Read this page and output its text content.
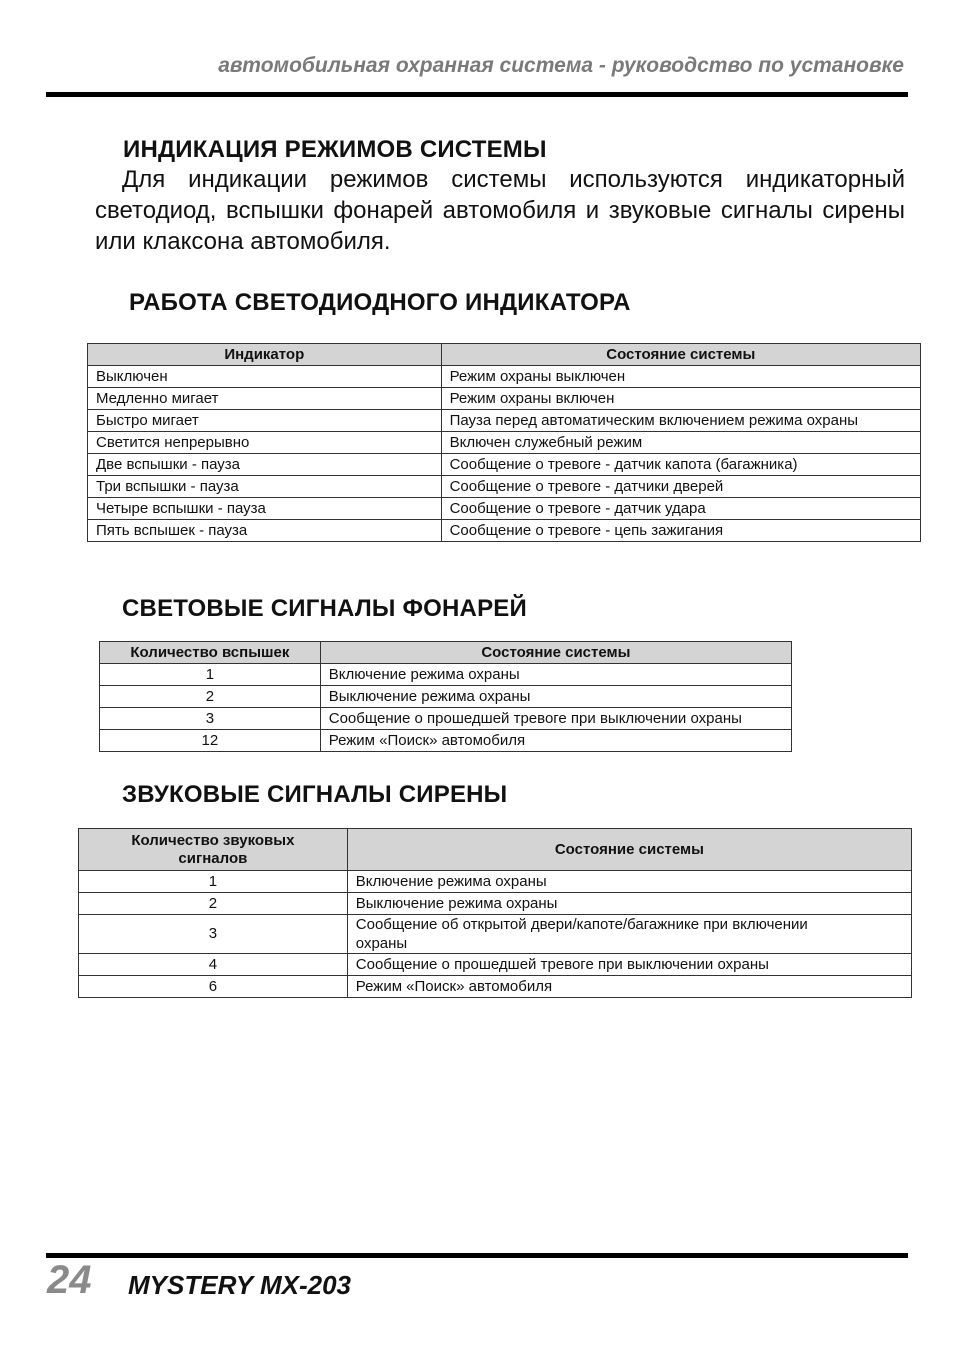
автомобильная охранная система - руководство по установке
ИНДИКАЦИЯ РЕЖИМОВ СИСТЕМЫ

Для индикации режимов системы используются индикаторный светодиод, вспышки фонарей автомобиля и звуковые сигналы сирены или клаксона автомобиля.

РАБОТА СВЕТОДИОДНОГО ИНДИКАТОРА
Индикатор	Состояние системы
Выключен	Режим охраны выключен
Медленно мигает	Режим охраны включен
Быстро мигает	Пауза перед автоматическим включением режима охраны
Светится непрерывно	Включен служебный режим
Две вспышки - пауза	Сообщение о тревоге - датчик капота (багажника)
Три вспышки - пауза	Сообщение о тревоге - датчики дверей
Четыре вспышки - пауза	Сообщение о тревоге - датчик удара
Пять вспышек - пауза	Сообщение о тревоге - цепь зажигания
СВЕТОВЫЕ СИГНАЛЫ ФОНАРЕЙ
Количество вспышек	Состояние системы
1	Включение режима охраны
2	Выключение режима охраны
3	Сообщение о прошедшей тревоге при выключении охраны
12	Режим «Поиск» автомобиля
ЗВУКОВЫЕ СИГНАЛЫ СИРЕНЫ
Количество звуковых сигналов	Состояние системы
1	Включение режима охраны
2	Выключение режима охраны
3	Сообщение об открытой двери/капоте/багажнике при включении охраны
4	Сообщение о прошедшей тревоге при выключении охраны
6	Режим «Поиск» автомобиля
24 MYSTERY MX-203
